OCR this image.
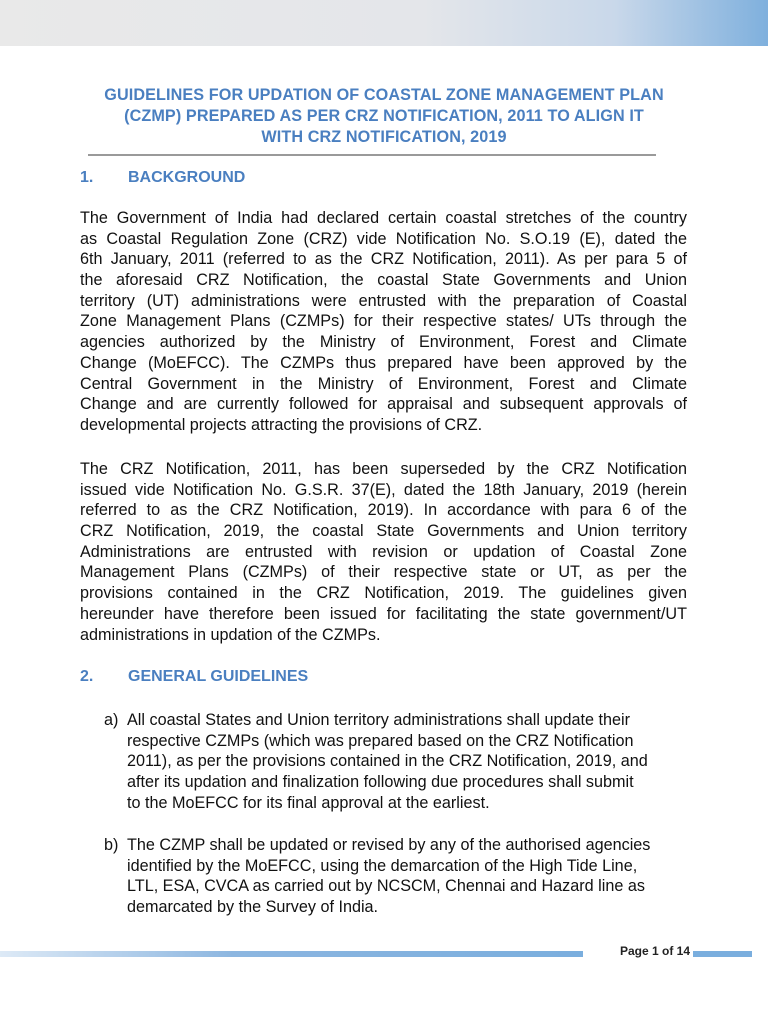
GUIDELINES FOR UPDATION OF COASTAL ZONE MANAGEMENT PLAN
(CZMP) PREPARED AS PER CRZ NOTIFICATION, 2011 TO ALIGN IT
WITH CRZ NOTIFICATION, 2019
1. BACKGROUND
The Government of India had declared certain coastal stretches of the country
as Coastal Regulation Zone (CRZ) vide Notification No. S.O.19 (E), dated the
6th January, 2011 (referred to as the CRZ Notification, 2011). As per para 5 of
the aforesaid CRZ Notification, the coastal State Governments and Union
territory (UT) administrations were entrusted with the preparation of Coastal
Zone Management Plans (CZMPs) for their respective states/ UTs through the
agencies authorized by the Ministry of Environment, Forest and Climate
Change (MoEFCC). The CZMPs thus prepared have been approved by the
Central Government in the Ministry of Environment, Forest and Climate
Change and are currently followed for appraisal and subsequent approvals of
developmental projects attracting the provisions of CRZ.
The CRZ Notification, 2011, has been superseded by the CRZ Notification
issued vide Notification No. G.S.R. 37(E), dated the 18th January, 2019 (herein
referred to as the CRZ Notification, 2019). In accordance with para 6 of the
CRZ Notification, 2019, the coastal State Governments and Union territory
Administrations are entrusted with revision or updation of Coastal Zone
Management Plans (CZMPs) of their respective state or UT, as per the
provisions contained in the CRZ Notification, 2019. The guidelines given
hereunder have therefore been issued for facilitating the state government/UT
administrations in updation of the CZMPs.
2. GENERAL GUIDELINES
a) All coastal States and Union territory administrations shall update their
respective CZMPs (which was prepared based on the CRZ Notification
2011), as per the provisions contained in the CRZ Notification, 2019, and
after its updation and finalization following due procedures shall submit
to the MoEFCC for its final approval at the earliest.
b) The CZMP shall be updated or revised by any of the authorised agencies
identified by the MoEFCC, using the demarcation of the High Tide Line,
LTL, ESA, CVCA as carried out by NCSCM, Chennai and Hazard line as
demarcated by the Survey of India.
Page 1 of 14
